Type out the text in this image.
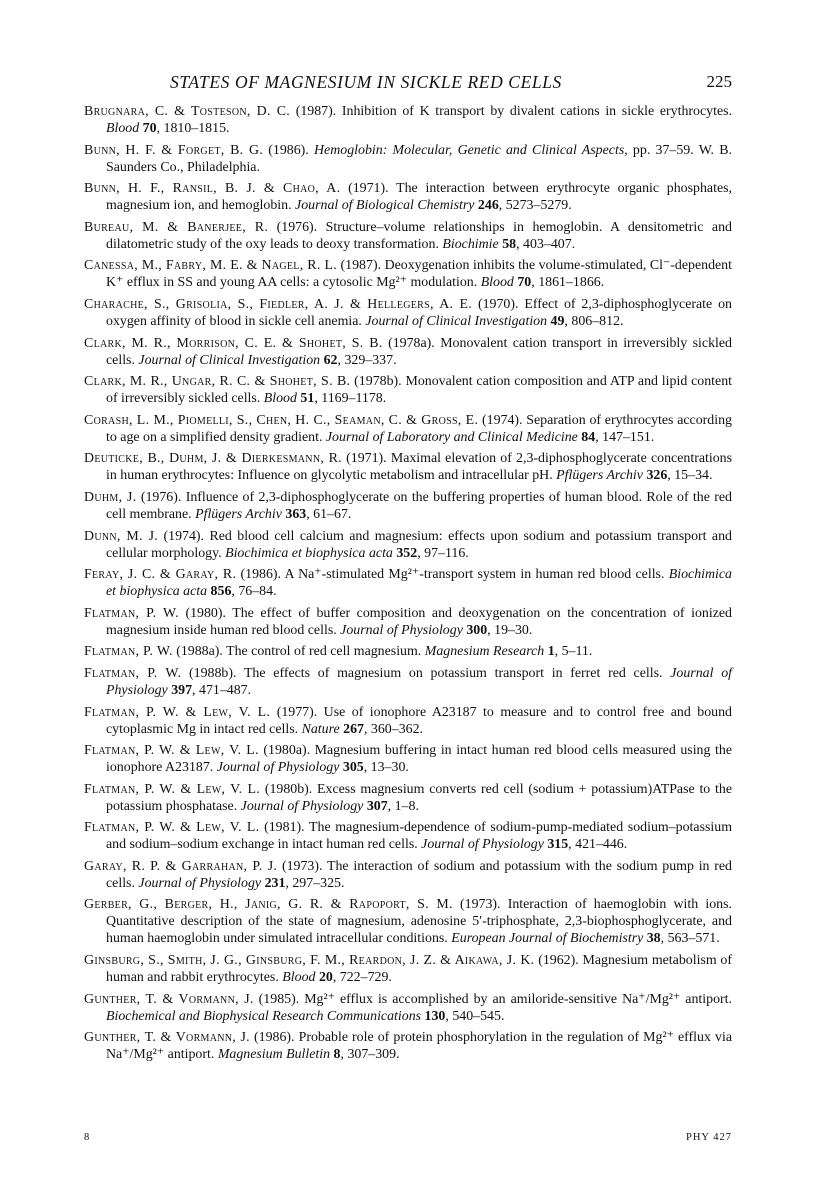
STATES OF MAGNESIUM IN SICKLE RED CELLS	225
Brugnara, C. & Tosteson, D. C. (1987). Inhibition of K transport by divalent cations in sickle erythrocytes. Blood 70, 1810–1815.
Bunn, H. F. & Forget, B. G. (1986). Hemoglobin: Molecular, Genetic and Clinical Aspects, pp. 37–59. W. B. Saunders Co., Philadelphia.
Bunn, H. F., Ransil, B. J. & Chao, A. (1971). The interaction between erythrocyte organic phosphates, magnesium ion, and hemoglobin. Journal of Biological Chemistry 246, 5273–5279.
Bureau, M. & Banerjee, R. (1976). Structure–volume relationships in hemoglobin. A densitometric and dilatometric study of the oxy leads to deoxy transformation. Biochimie 58, 403–407.
Canessa, M., Fabry, M. E. & Nagel, R. L. (1987). Deoxygenation inhibits the volume-stimulated, Cl⁻-dependent K⁺ efflux in SS and young AA cells: a cytosolic Mg²⁺ modulation. Blood 70, 1861–1866.
Charache, S., Grisolia, S., Fiedler, A. J. & Hellegers, A. E. (1970). Effect of 2,3-diphosphoglycerate on oxygen affinity of blood in sickle cell anemia. Journal of Clinical Investigation 49, 806–812.
Clark, M. R., Morrison, C. E. & Shohet, S. B. (1978a). Monovalent cation transport in irreversibly sickled cells. Journal of Clinical Investigation 62, 329–337.
Clark, M. R., Ungar, R. C. & Shohet, S. B. (1978b). Monovalent cation composition and ATP and lipid content of irreversibly sickled cells. Blood 51, 1169–1178.
Corash, L. M., Piomelli, S., Chen, H. C., Seaman, C. & Gross, E. (1974). Separation of erythrocytes according to age on a simplified density gradient. Journal of Laboratory and Clinical Medicine 84, 147–151.
Deuticke, B., Duhm, J. & Dierkesmann, R. (1971). Maximal elevation of 2,3-diphosphoglycerate concentrations in human erythrocytes: Influence on glycolytic metabolism and intracellular pH. Pflügers Archiv 326, 15–34.
Duhm, J. (1976). Influence of 2,3-diphosphoglycerate on the buffering properties of human blood. Role of the red cell membrane. Pflügers Archiv 363, 61–67.
Dunn, M. J. (1974). Red blood cell calcium and magnesium: effects upon sodium and potassium transport and cellular morphology. Biochimica et biophysica acta 352, 97–116.
Feray, J. C. & Garay, R. (1986). A Na⁺-stimulated Mg²⁺-transport system in human red blood cells. Biochimica et biophysica acta 856, 76–84.
Flatman, P. W. (1980). The effect of buffer composition and deoxygenation on the concentration of ionized magnesium inside human red blood cells. Journal of Physiology 300, 19–30.
Flatman, P. W. (1988a). The control of red cell magnesium. Magnesium Research 1, 5–11.
Flatman, P. W. (1988b). The effects of magnesium on potassium transport in ferret red cells. Journal of Physiology 397, 471–487.
Flatman, P. W. & Lew, V. L. (1977). Use of ionophore A23187 to measure and to control free and bound cytoplasmic Mg in intact red cells. Nature 267, 360–362.
Flatman, P. W. & Lew, V. L. (1980a). Magnesium buffering in intact human red blood cells measured using the ionophore A23187. Journal of Physiology 305, 13–30.
Flatman, P. W. & Lew, V. L. (1980b). Excess magnesium converts red cell (sodium + potassium)ATPase to the potassium phosphatase. Journal of Physiology 307, 1–8.
Flatman, P. W. & Lew, V. L. (1981). The magnesium-dependence of sodium-pump-mediated sodium–potassium and sodium–sodium exchange in intact human red cells. Journal of Physiology 315, 421–446.
Garay, R. P. & Garrahan, P. J. (1973). The interaction of sodium and potassium with the sodium pump in red cells. Journal of Physiology 231, 297–325.
Gerber, G., Berger, H., Janig, G. R. & Rapoport, S. M. (1973). Interaction of haemoglobin with ions. Quantitative description of the state of magnesium, adenosine 5′-triphosphate, 2,3-biophosphoglycerate, and human haemoglobin under simulated intracellular conditions. European Journal of Biochemistry 38, 563–571.
Ginsburg, S., Smith, J. G., Ginsburg, F. M., Reardon, J. Z. & Aikawa, J. K. (1962). Magnesium metabolism of human and rabbit erythrocytes. Blood 20, 722–729.
Gunther, T. & Vormann, J. (1985). Mg²⁺ efflux is accomplished by an amiloride-sensitive Na⁺/Mg²⁺ antiport. Biochemical and Biophysical Research Communications 130, 540–545.
Gunther, T. & Vormann, J. (1986). Probable role of protein phosphorylation in the regulation of Mg²⁺ efflux via Na⁺/Mg²⁺ antiport. Magnesium Bulletin 8, 307–309.
8	PHY 427
